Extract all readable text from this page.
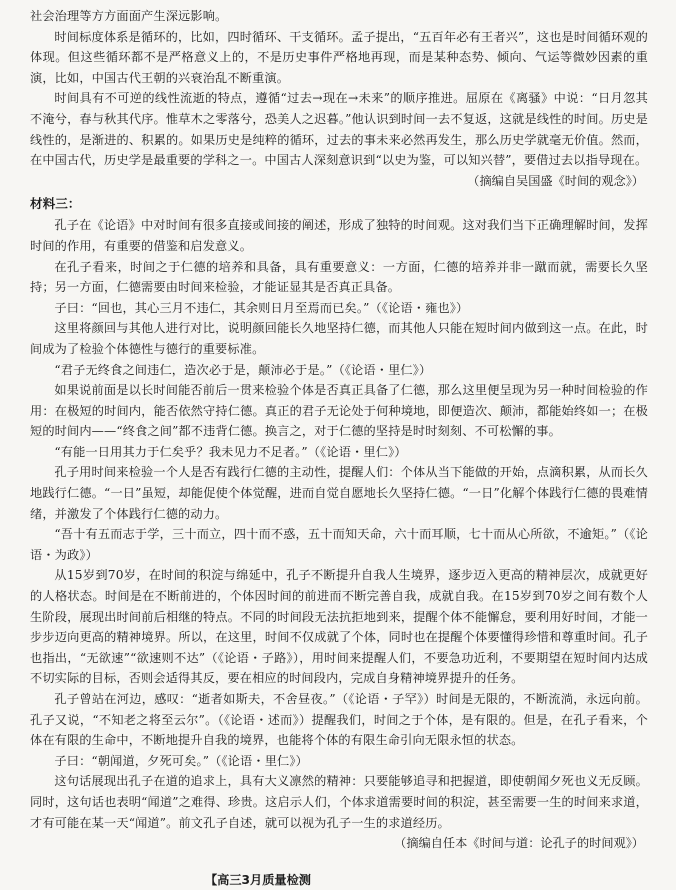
社会治理等方方面面产生深远影响。

时间标度体系是循环的，比如，四时循环、干支循环。孟子提出，“五百年必有王者兴”，这也是时间循环观的体现。但这些循环都不是严格意义上的，不是历史事件严格地再现，而是某种态势、倾向、气运等微妙因素的重演，比如，中国古代王朝的兴衰治乱不断重演。

时间具有不可逆的线性流逝的特点，遵循“过去→现在→未来”的顺序推进。屈原在《离骚》中说：“日月忽其不淹兮，春与秋其代序。惟草木之零落兮，恐美人之迟暮。”他认识到时间一去不复返，这就是线性的时间。历史是线性的，是渐进的、积累的。如果历史是纯粹的循环，过去的事未来必然再发生，那么历史学就毫无价值。然而，在中国古代，历史学是最重要的学科之一。中国古人深刻意识到“以史为鉴，可以知兴替”，要借过去以指导现在。

（摘编自吴国盛《时间的观念》）

材料三：

孔子在《论语》中对时间有很多直接或间接的阐述，形成了独特的时间观。这对我们当下正确理解时间，发挥时间的作用，有重要的借鉴和启发意义。

在孔子看来，时间之于仁德的培养和具备，具有重要意义：一方面，仁德的培养并非一蹴而就，需要长久坚持；另一方面，仁德需要由时间来检验，才能证显其是否真正具备。

子曰：“回也，其心三月不违仁，其余则日月至焉而已矣。”（《论语・雍也》）

这里将颜回与其他人进行对比，说明颜回能长久地坚持仁德，而其他人只能在短时间内做到这一点。在此，时间成为了检验个体德性与德行的重要标准。

“君子无终食之间违仁，造次必于是，颠沛必于是。”（《论语・里仁》）

如果说前面是以长时间能否前后一贯来检验个体是否真正具备了仁德，那么这里便呈现为另一种时间检验的作用：在极短的时间内，能否依然守持仁德。真正的君子无论处于何种境地，即便造次、颠沛，都能始终如一；在极短的时间内——“终食之间”都不违背仁德。换言之，对于仁德的坚持是时时刻刻、不可松懈的事。

“有能一日用其力于仁矣乎？我未见力不足者。”（《论语・里仁》）

孔子用时间来检验一个人是否有践行仁德的主动性，提醒人们：个体从当下能做的开始，点滴积累，从而长久地践行仁德。“一日”虽短，却能促使个体觉醒，进而自觉自愿地长久坚持仁德。“一日”化解个体践行仁德的畏难情绪，并激发了个体践行仁德的动力。

“吾十有五而志于学，三十而立，四十而不惑，五十而知天命，六十而耳顺，七十而从心所欲，不逾矩。”（《论语・为政》）

从15岁到70岁，在时间的积淀与绵延中，孔子不断提升自我人生境界，逐步迈入更高的精神层次，成就更好的人格状态。时间是在不断前进的，个体因时间的前进而不断完善自我，成就自我。在15岁到70岁之间有数个人生阶段，展现出时间前后相继的特点。不同的时间段无法抗拒地到来，提醒个体不能懈怠，要利用好时间，才能一步步迈向更高的精神境界。所以，在这里，时间不仅成就了个体，同时也在提醒个体要懂得珍惜和尊重时间。孔子也指出，“无欲速”“欲速则不达”（《论语・子路》），用时间来提醒人们，不要急功近利，不要期望在短时间内达成不切实际的目标，否则会适得其反，要在相应的时间段内，完成自身精神境界提升的任务。

孔子曾站在河边，感叹：“逝者如斯夫，不舍昼夜。”（《论语・子罕》）时间是无限的，不断流淌，永远向前。孔子又说，“不知老之将至云尔”。（《论语・述而》）提醒我们，时间之于个体，是有限的。但是，在孔子看来，个体在有限的生命中，不断地提升自我的境界，也能将个体的有限生命引向无限永恒的状态。

子曰：“朝闻道，夕死可矣。”（《论语・里仁》）

这句话展现出孔子在道的追求上，具有大义凛然的精神：只要能够追寻和把握道，即使朝闻夕死也义无反顾。同时，这句话也表明“闻道”之难得、珍贵。这启示人们，个体求道需要时间的积淀，甚至需要一生的时间来求道，才有可能在某一天“闻道”。前文孔子自述，就可以视为孔子一生的求道经历。

（摘编自任本《时间与道：论孔子的时间观》）

【高三3月质量检测
